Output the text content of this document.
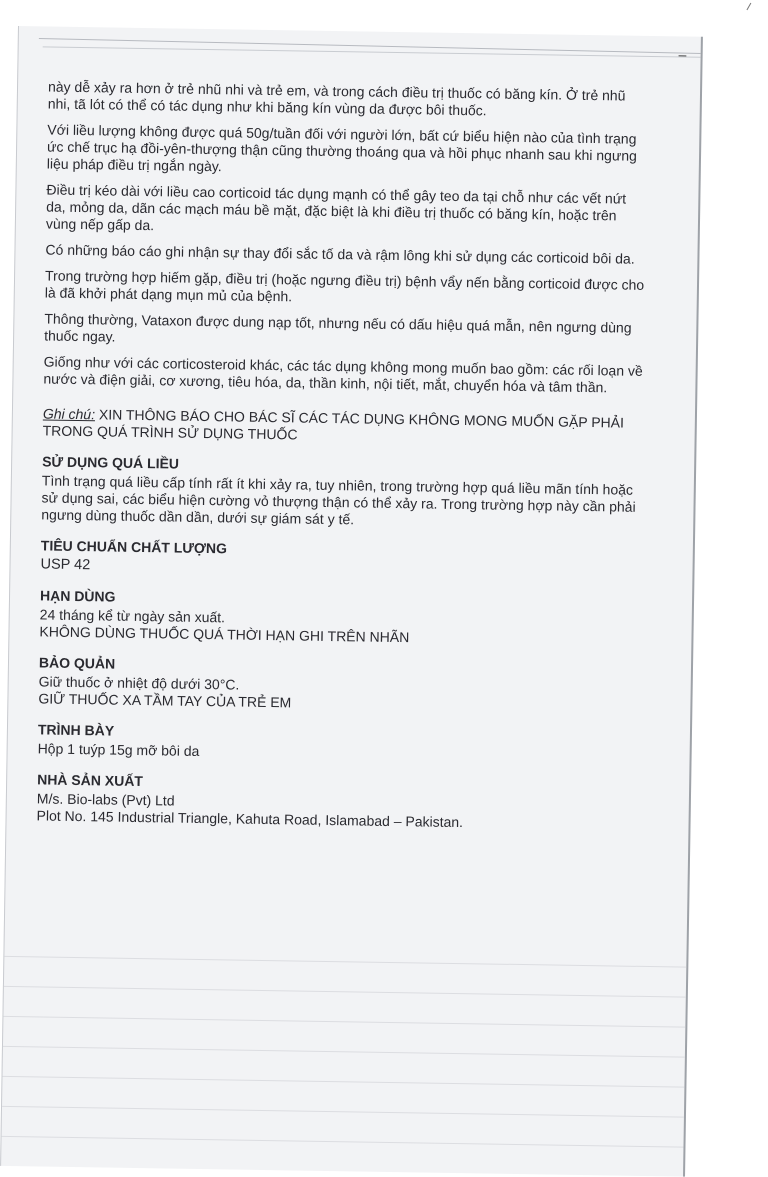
–

này dễ xảy ra hơn ở trẻ nhũ nhi và trẻ em, và trong cách điều trị thuốc có băng kín. Ở trẻ nhũ nhi, tã lót có thể có tác dụng như khi băng kín vùng da được bôi thuốc.

Với liều lượng không được quá 50g/tuần đối với người lớn, bất cứ biểu hiện nào của tình trạng ức chế trục hạ đồi-yên-thượng thận cũng thường thoáng qua và hồi phục nhanh sau khi ngưng liệu pháp điều trị ngắn ngày.

Điều trị kéo dài với liều cao corticoid tác dụng mạnh có thể gây teo da tại chỗ như các vết nứt da, mỏng da, dãn các mạch máu bề mặt, đặc biệt là khi điều trị thuốc có băng kín, hoặc trên vùng nếp gấp da.

Có những báo cáo ghi nhận sự thay đổi sắc tố da và rậm lông khi sử dụng các corticoid bôi da.

Trong trường hợp hiếm gặp, điều trị (hoặc ngưng điều trị) bệnh vẩy nến bằng corticoid được cho là đã khởi phát dạng mụn mủ của bệnh.

Thông thường, Vataxon được dung nạp tốt, nhưng nếu có dấu hiệu quá mẫn, nên ngưng dùng thuốc ngay.

Giống như với các corticosteroid khác, các tác dụng không mong muốn bao gồm: các rối loạn về nước và điện giải, cơ xương, tiêu hóa, da, thần kinh, nội tiết, mắt, chuyển hóa và tâm thần.

Ghi chú: XIN THÔNG BÁO CHO BÁC SĨ CÁC TÁC DỤNG KHÔNG MONG MUỐN GẶP PHẢI TRONG QUÁ TRÌNH SỬ DỤNG THUỐC

SỬ DỤNG QUÁ LIỀU

Tình trạng quá liều cấp tính rất ít khi xảy ra, tuy nhiên, trong trường hợp quá liều mãn tính hoặc sử dụng sai, các biểu hiện cường vỏ thượng thận có thể xảy ra. Trong trường hợp này cần phải ngưng dùng thuốc dần dần, dưới sự giám sát y tế.

TIÊU CHUẨN CHẤT LƯỢNG

USP 42

HẠN DÙNG

24 tháng kể từ ngày sản xuất.

KHÔNG DÙNG THUỐC QUÁ THỜI HẠN GHI TRÊN NHÃN

BẢO QUẢN

Giữ thuốc ở nhiệt độ dưới 30°C.

GIỮ THUỐC XA TẦM TAY CỦA TRẺ EM

TRÌNH BÀY

Hộp 1 tuýp 15g mỡ bôi da

NHÀ SẢN XUẤT

M/s. Bio-labs (Pvt) Ltd

Plot No. 145 Industrial Triangle, Kahuta Road, Islamabad – Pakistan.
